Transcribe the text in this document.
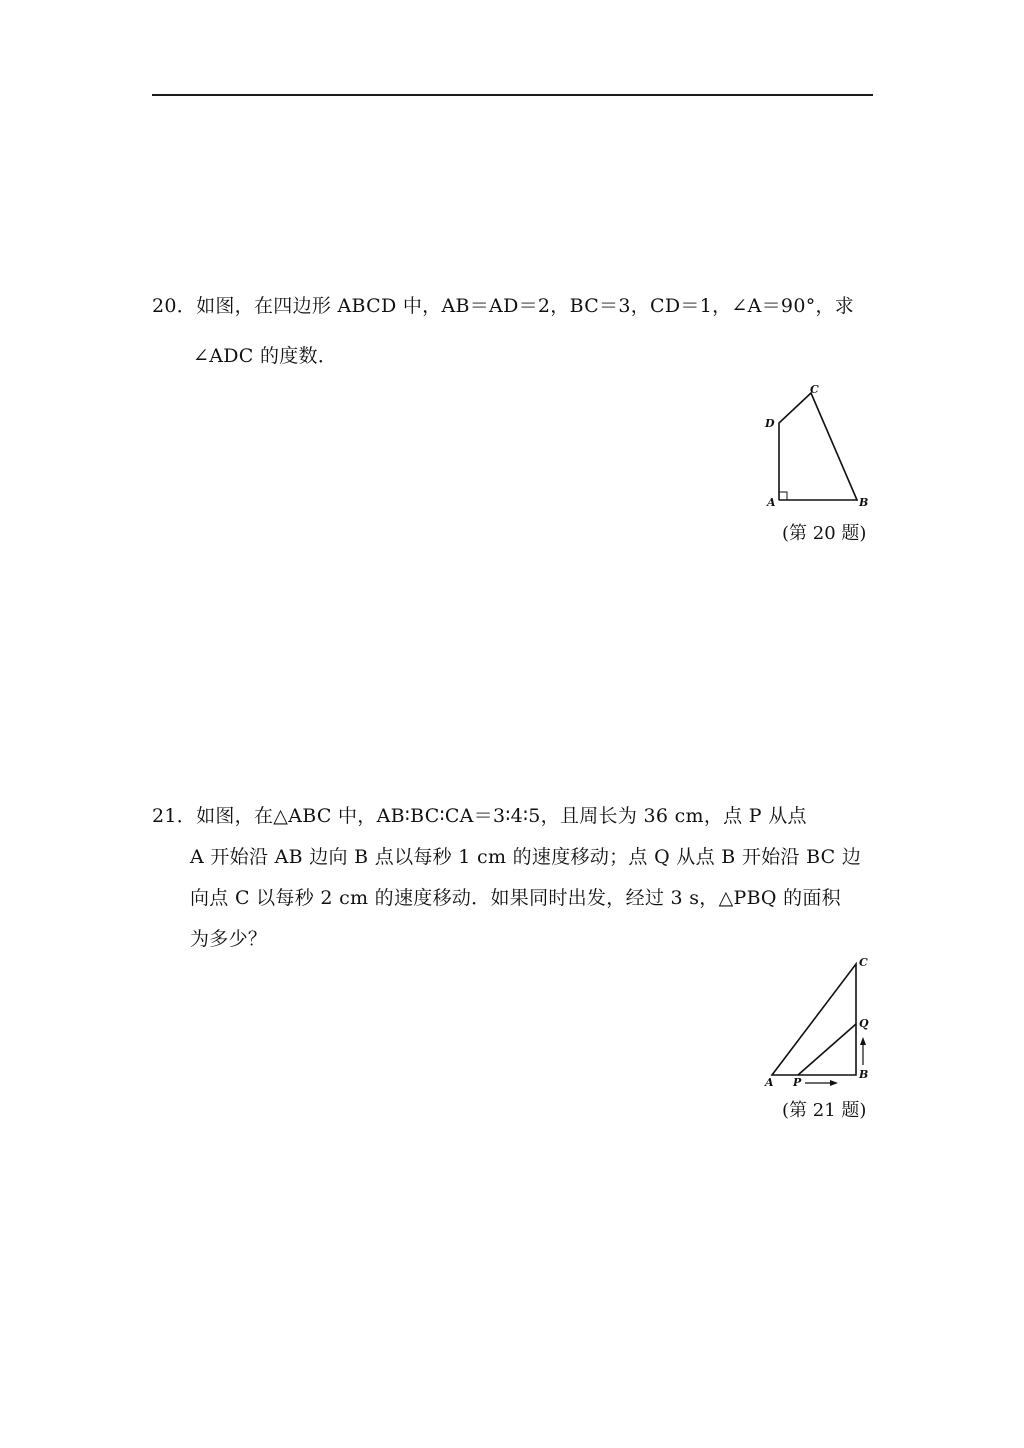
20．如图，在四边形 ABCD 中，AB＝AD＝2，BC＝3，CD＝1，∠A＝90°，求
∠ADC 的度数．
A	B
C
D
(第 20 题)
21．如图，在△ABC 中，AB∶BC∶CA＝3∶4∶5，且周长为 36 cm，点 P 从点
A 开始沿 AB 边向 B 点以每秒 1 cm 的速度移动；点 Q 从点 B 开始沿 BC 边
向点 C 以每秒 2 cm 的速度移动．如果同时出发，经过 3 s，△PBQ 的面积
为多少？
A
B
C
P
Q
(第 21 题)
